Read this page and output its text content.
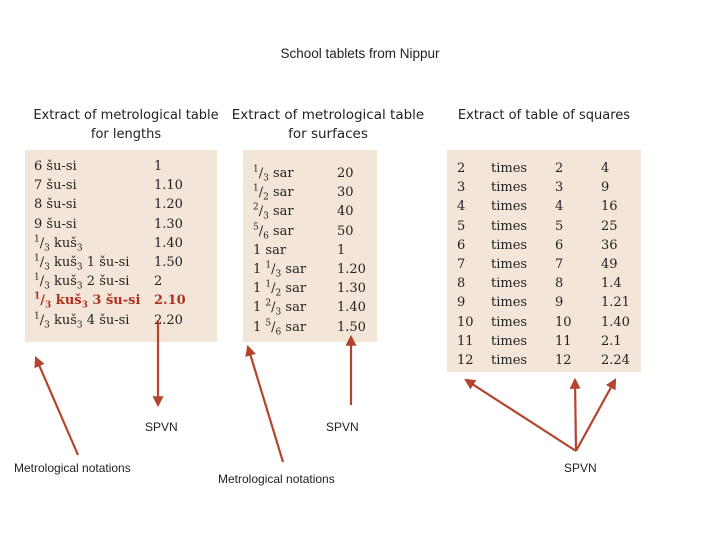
School tablets from Nippur
Extract of metrological table for lengths
Extract of metrological table for surfaces
Extract of table of squares
6 šu-si
7 šu-si
8 šu-si
9 šu-si
$^1/_3$ kuš$_3$
$^1/_3$ kuš$_3$ 1 šu-si
$^1/_3$ kuš$_3$ 2 šu-si
$^1/_3$ kuš$_3$ 3 šu-si
$^1/_3$ kuš$_3$ 4 šu-si
1
1.10
1.20
1.30
1.40
1.50
2
2.10
2.20
$^1/_3$ sar
$^1/_2$ sar
$^2/_3$ sar
$^5/_6$ sar
1 sar
1 $^1/_3$ sar
1 $^1/_2$ sar
1 $^2/_3$ sar
1 $^5/_6$ sar
20
30
40
50
1
1.20
1.30
1.40
1.50
2
3
4
5
6
7
8
9
10
11
12
times
times
times
times
times
times
times
times
times
times
times
2
3
4
5
6
7
8
9
10
11
12
4
9
16
25
36
49
1.4
1.21
1.40
2.1
2.24
SPVN
Metrological notations
SPVN
Metrological notations
SPVN
